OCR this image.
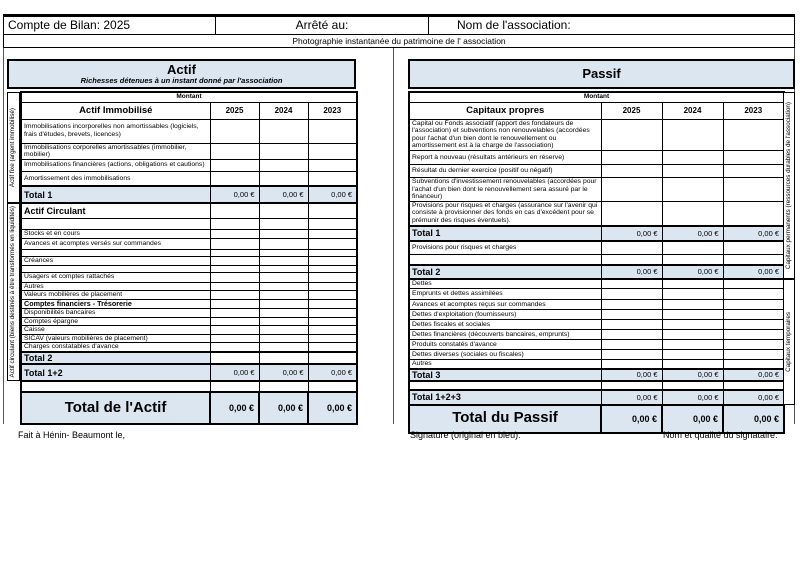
Compte de Bilan: 2025	Arrêté au:	Nom de l'association:
Photographie instantanée du patrimoine de l' association
Actif
Richesses détenues à un instant donné par l'association
Montant			
Actif Immobilisé	2025	2024	2023
Immobilisations incorporelles non amortissables (logiciels, frais d'études, brevets, licences)			
Immobilisations corporelles amortissables (immobilier, mobilier)			
Immobilisations financières (actions, obligations et cautions)			
Amortissement des immobilisations			
Total 1	0,00 €	0,00 €	0,00 €
Actif Circulant			

Stocks et en cours			
Avances et acomptes versés sur commandes			

Créances			

Usagers et comptes rattachés			
Autres			
Valeurs mobilières de placement			
Comptes financiers - Trésorerie			
Disponibilités bancaires			
Comptes épargne			
Caisse			
SICAV (valeurs mobilières de placement)			
Charges constatables d'avance			
Total 2			
Total 1+2	0,00 €	0,00 €	0,00 €

Total de l'Actif	0,00 €	0,00 €	0,00 €
Actif fixe (argent immobilisé)
Actif circulant (biens destinés à être transformés en liquidités)
Passif
Montant			
Capitaux propres	2025	2024	2023
Capital ou Fonds associatif (apport des fondateurs de l'association) et subventions non renouvelables (accordées pour l'achat d'un bien dont le renouvellement ou amortissement est à la charge de l'association)			
Report à nouveau (résultats antérieurs en réserve)			
Résultat du dernier exercice (positif ou négatif)			
Subventions d'investissement renouvelables (accordées pour l'achat d'un bien dont le renouvellement sera assuré par le financeur)			
Provisions pour risques et charges (assurance sur l'avenir qui consiste à provisionner des fonds en cas d'excédent pour se prémunir des risques éventuels).			
Total 1	0,00 €	0,00 €	0,00 €
Provisions pour risques et charges			

Total 2	0,00 €	0,00 €	0,00 €
Dettes			
Emprunts et dettes assimilées			
Avances et acomptes reçus sur commandes			
Dettes d'exploitation (fournisseurs)			
Dettes fiscales et sociales			
Dettes financières (découverts bancaires, emprunts)			
Produits constatés d'avance			
Dettes diverses (sociales ou fiscales)			
Autres			
Total 3	0,00 €	0,00 €	0,00 €

Total 1+2+3	0,00 €	0,00 €	0,00 €
Total du Passif	0,00 €	0,00 €	0,00 €
Capitaux permanents (ressources durables de l'association)
Capitaux temporaires
Fait à Hénin- Beaumont le,	Signature (original en bleu):	Nom et qualité du signataire:
